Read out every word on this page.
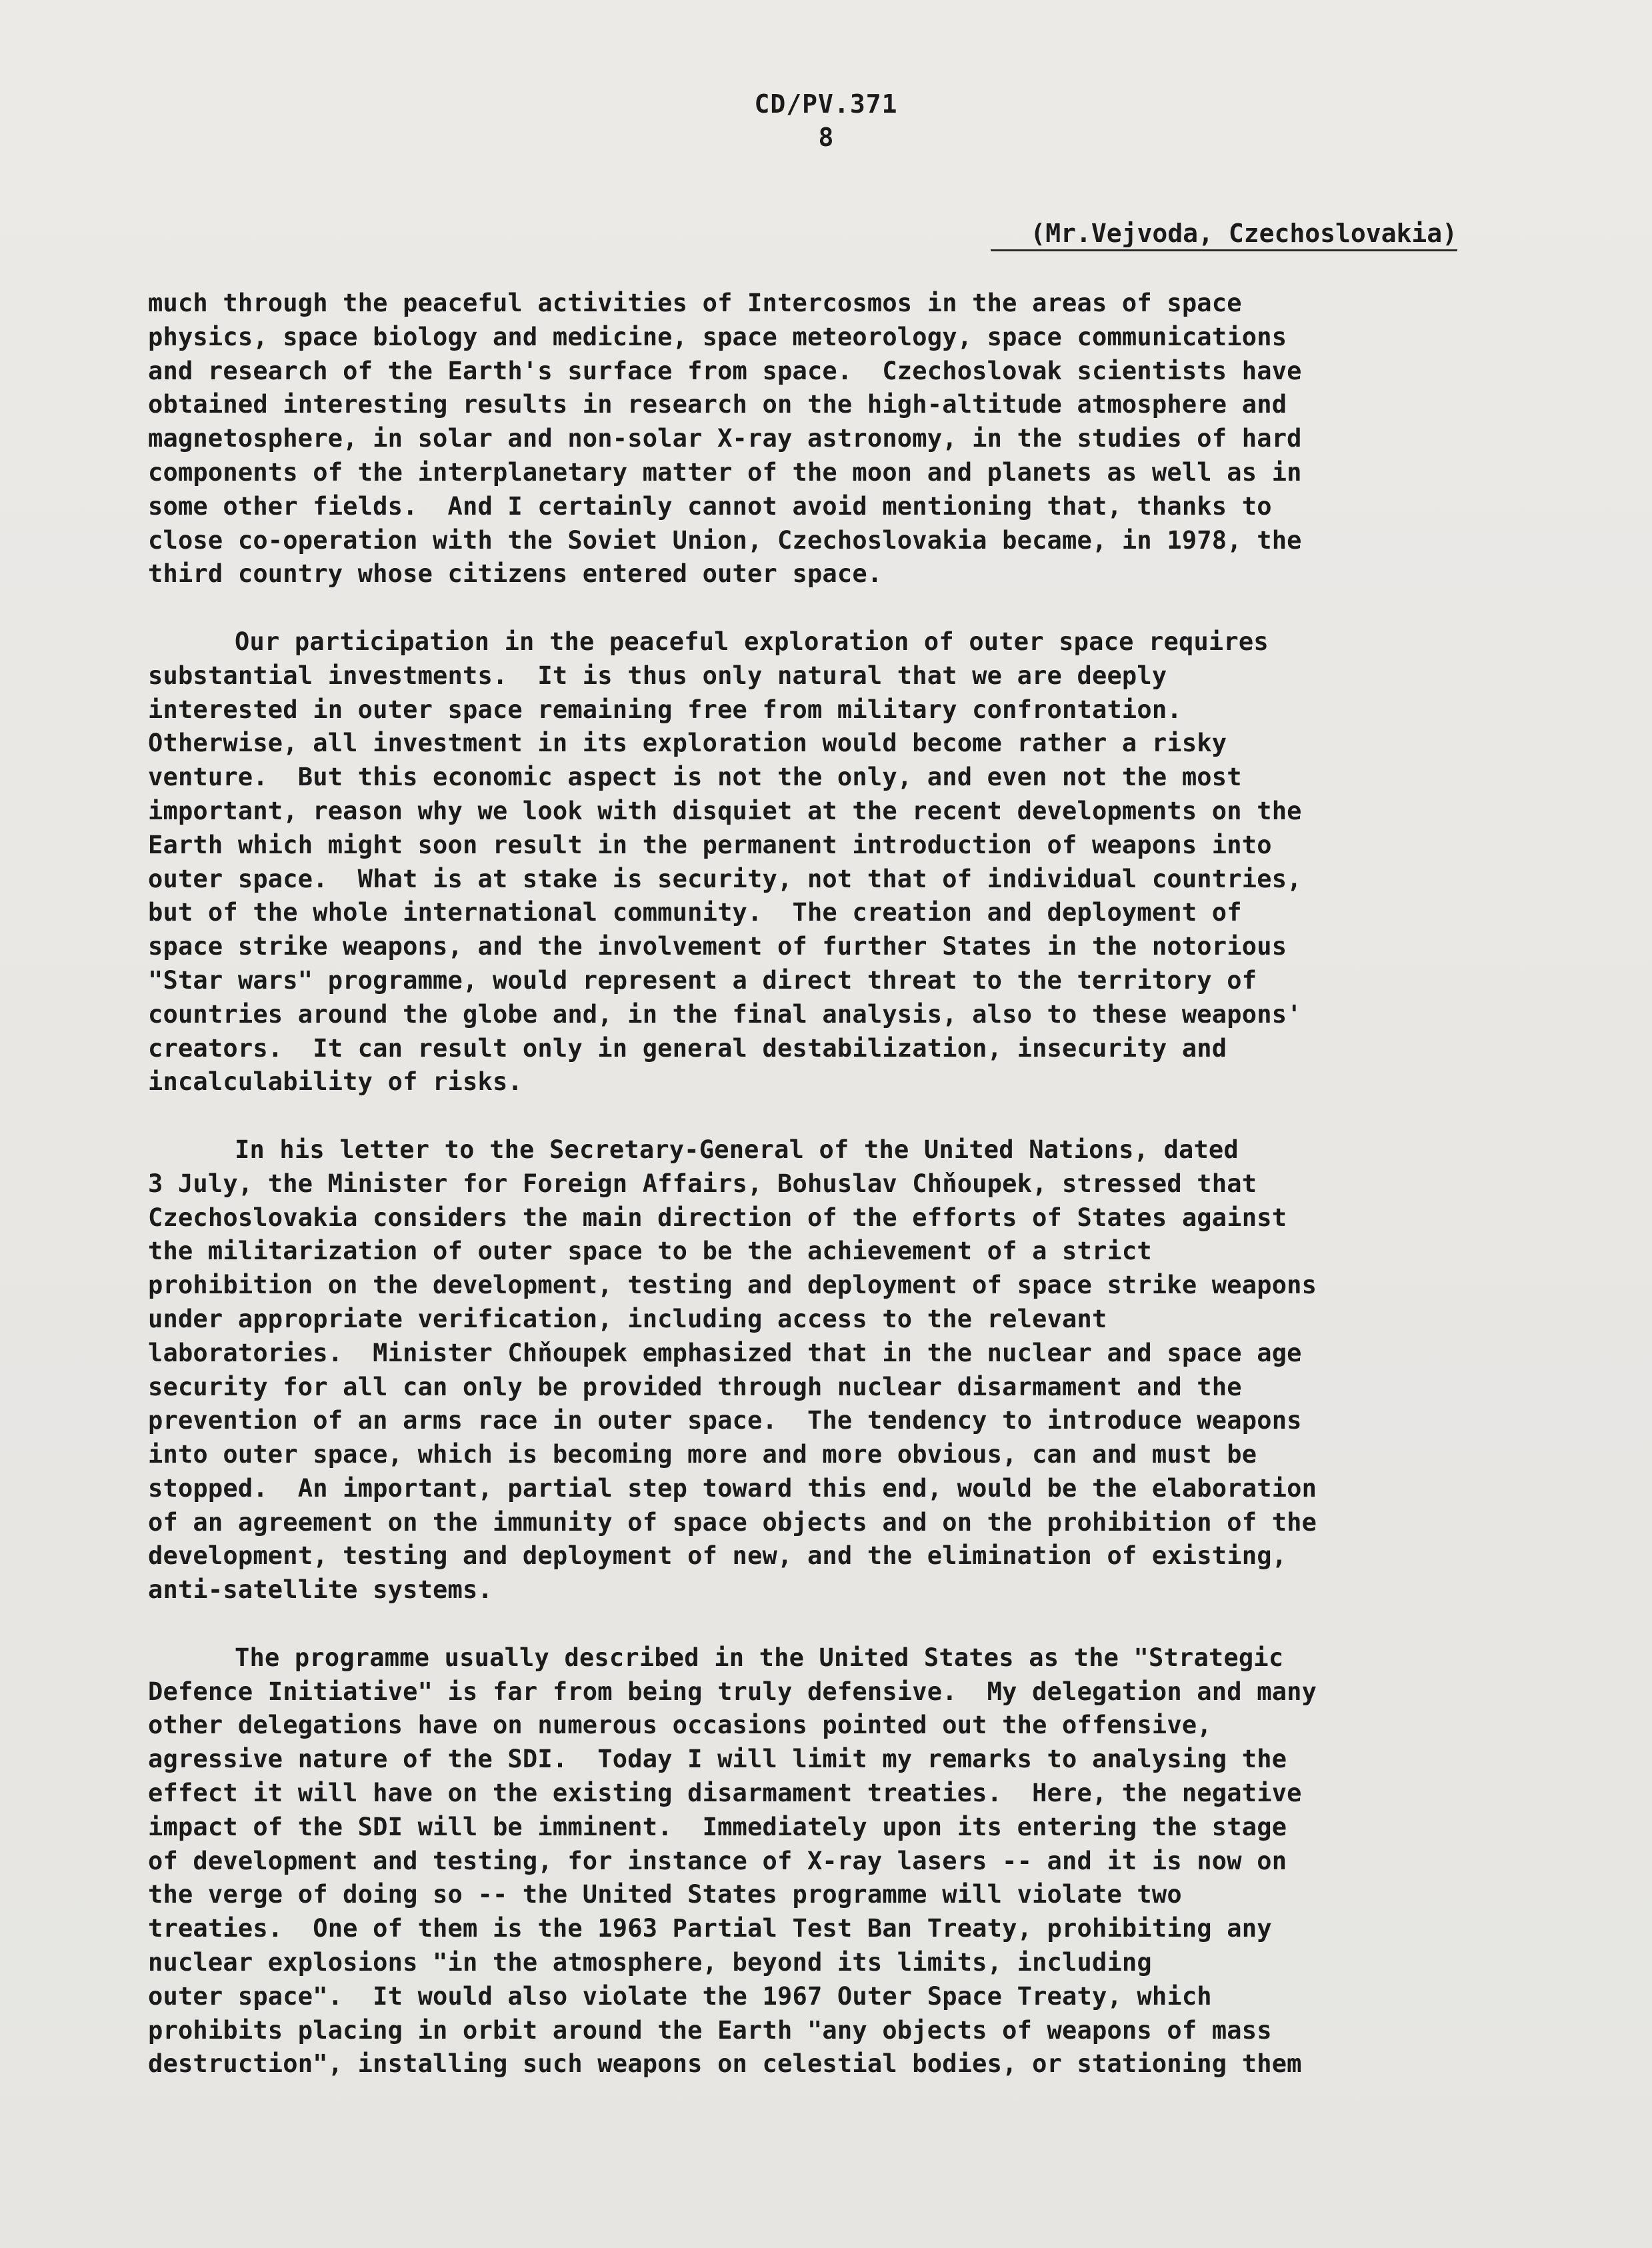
CD/PV.371
8
(Mr.Vejvoda, Czechoslovakia)
much through the peaceful activities of Intercosmos in the areas of space
physics, space biology and medicine, space meteorology, space communications
and research of the Earth's surface from space.  Czechoslovak scientists have
obtained interesting results in research on the high-altitude atmosphere and
magnetosphere, in solar and non-solar X-ray astronomy, in the studies of hard
components of the interplanetary matter of the moon and planets as well as in
some other fields.  And I certainly cannot avoid mentioning that, thanks to
close co-operation with the Soviet Union, Czechoslovakia became, in 1978, the
third country whose citizens entered outer space.
Our participation in the peaceful exploration of outer space requires
substantial investments.  It is thus only natural that we are deeply
interested in outer space remaining free from military confrontation.
Otherwise, all investment in its exploration would become rather a risky
venture.  But this economic aspect is not the only, and even not the most
important, reason why we look with disquiet at the recent developments on the
Earth which might soon result in the permanent introduction of weapons into
outer space.  What is at stake is security, not that of individual countries,
but of the whole international community.  The creation and deployment of
space strike weapons, and the involvement of further States in the notorious
"Star wars" programme, would represent a direct threat to the territory of
countries around the globe and, in the final analysis, also to these weapons'
creators.  It can result only in general destabilization, insecurity and
incalculability of risks.
In his letter to the Secretary-General of the United Nations, dated
3 July, the Minister for Foreign Affairs, Bohuslav Chňoupek, stressed that
Czechoslovakia considers the main direction of the efforts of States against
the militarization of outer space to be the achievement of a strict
prohibition on the development, testing and deployment of space strike weapons
under appropriate verification, including access to the relevant
laboratories.  Minister Chňoupek emphasized that in the nuclear and space age
security for all can only be provided through nuclear disarmament and the
prevention of an arms race in outer space.  The tendency to introduce weapons
into outer space, which is becoming more and more obvious, can and must be
stopped.  An important, partial step toward this end, would be the elaboration
of an agreement on the immunity of space objects and on the prohibition of the
development, testing and deployment of new, and the elimination of existing,
anti-satellite systems.
The programme usually described in the United States as the "Strategic
Defence Initiative" is far from being truly defensive.  My delegation and many
other delegations have on numerous occasions pointed out the offensive,
agressive nature of the SDI.  Today I will limit my remarks to analysing the
effect it will have on the existing disarmament treaties.  Here, the negative
impact of the SDI will be imminent.  Immediately upon its entering the stage
of development and testing, for instance of X-ray lasers -- and it is now on
the verge of doing so -- the United States programme will violate two
treaties.  One of them is the 1963 Partial Test Ban Treaty, prohibiting any
nuclear explosions "in the atmosphere, beyond its limits, including
outer space".  It would also violate the 1967 Outer Space Treaty, which
prohibits placing in orbit around the Earth "any objects of weapons of mass
destruction", installing such weapons on celestial bodies, or stationing them
